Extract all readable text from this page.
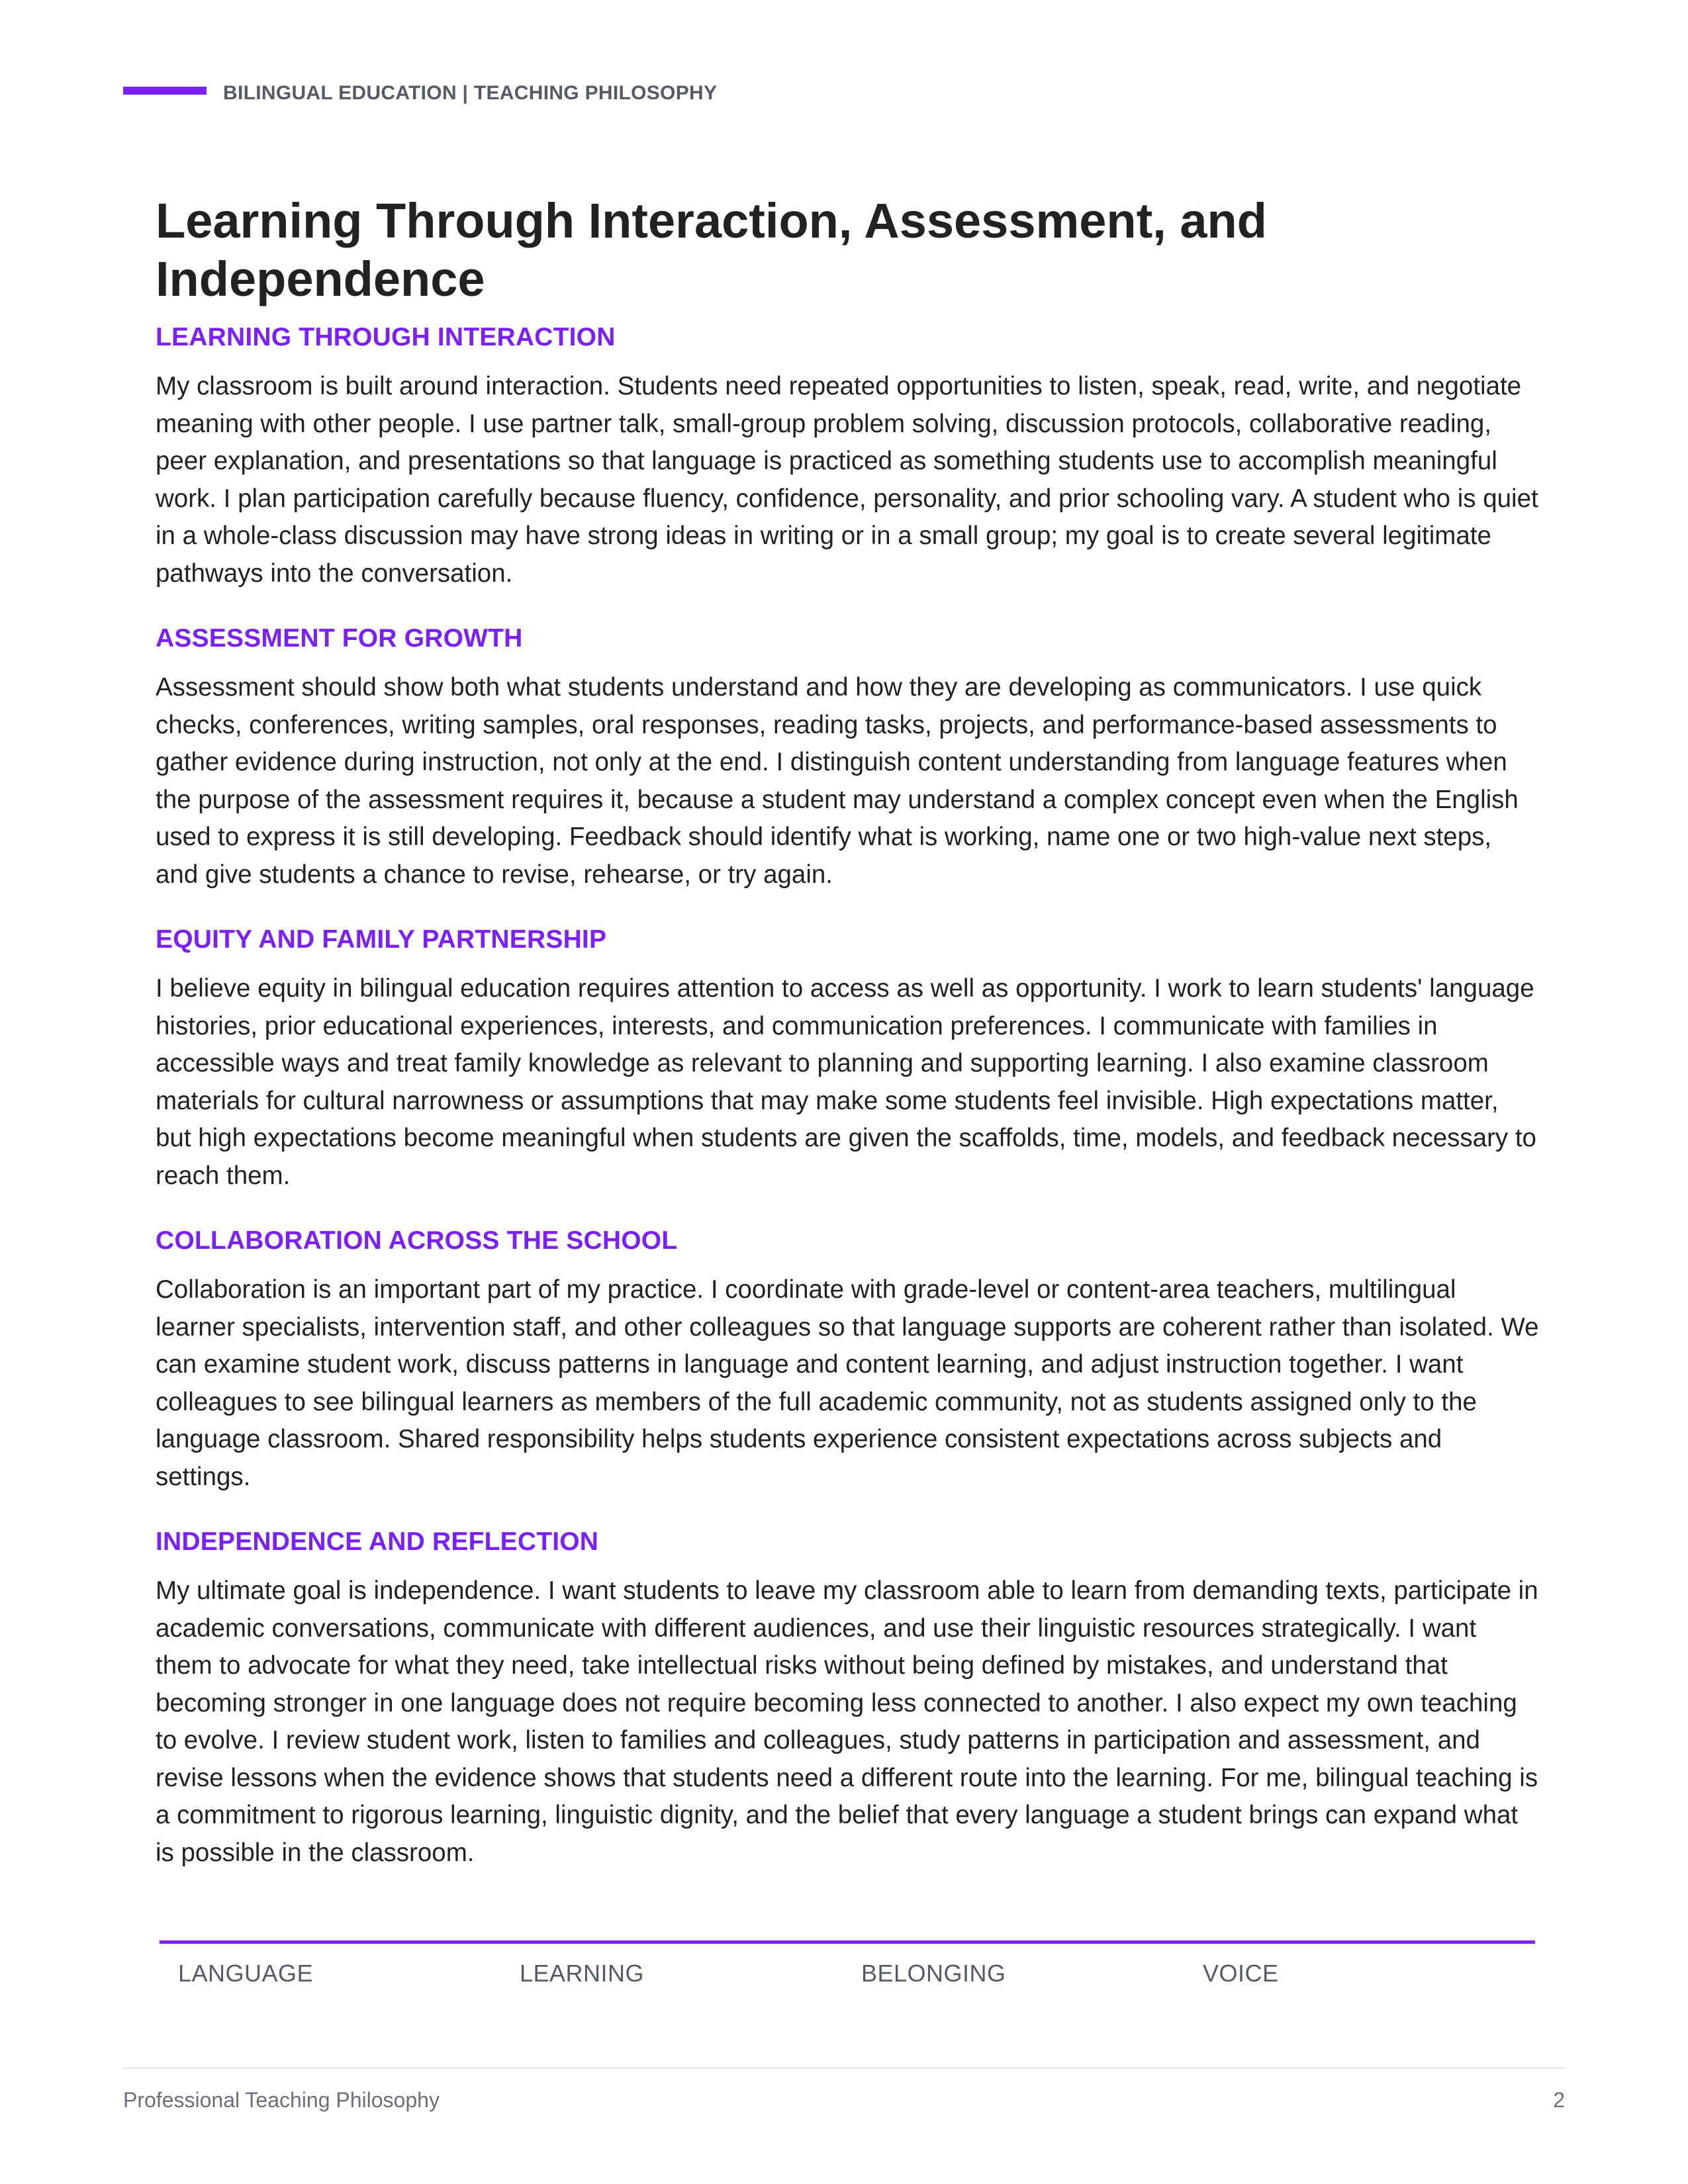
BILINGUAL EDUCATION | TEACHING PHILOSOPHY
Learning Through Interaction, Assessment, and Independence
LEARNING THROUGH INTERACTION

My classroom is built around interaction. Students need repeated opportunities to listen, speak, read, write, and negotiate meaning with other people. I use partner talk, small-group problem solving, discussion protocols, collaborative reading, peer explanation, and presentations so that language is practiced as something students use to accomplish meaningful work. I plan participation carefully because fluency, confidence, personality, and prior schooling vary. A student who is quiet in a whole-class discussion may have strong ideas in writing or in a small group; my goal is to create several legitimate pathways into the conversation.

ASSESSMENT FOR GROWTH

Assessment should show both what students understand and how they are developing as communicators. I use quick checks, conferences, writing samples, oral responses, reading tasks, projects, and performance-based assessments to gather evidence during instruction, not only at the end. I distinguish content understanding from language features when the purpose of the assessment requires it, because a student may understand a complex concept even when the English used to express it is still developing. Feedback should identify what is working, name one or two high-value next steps, and give students a chance to revise, rehearse, or try again.

EQUITY AND FAMILY PARTNERSHIP

I believe equity in bilingual education requires attention to access as well as opportunity. I work to learn students' language histories, prior educational experiences, interests, and communication preferences. I communicate with families in accessible ways and treat family knowledge as relevant to planning and supporting learning. I also examine classroom materials for cultural narrowness or assumptions that may make some students feel invisible. High expectations matter, but high expectations become meaningful when students are given the scaffolds, time, models, and feedback necessary to reach them.

COLLABORATION ACROSS THE SCHOOL

Collaboration is an important part of my practice. I coordinate with grade-level or content-area teachers, multilingual learner specialists, intervention staff, and other colleagues so that language supports are coherent rather than isolated. We can examine student work, discuss patterns in language and content learning, and adjust instruction together. I want colleagues to see bilingual learners as members of the full academic community, not as students assigned only to the language classroom. Shared responsibility helps students experience consistent expectations across subjects and settings.

INDEPENDENCE AND REFLECTION

My ultimate goal is independence. I want students to leave my classroom able to learn from demanding texts, participate in academic conversations, communicate with different audiences, and use their linguistic resources strategically. I want them to advocate for what they need, take intellectual risks without being defined by mistakes, and understand that becoming stronger in one language does not require becoming less connected to another. I also expect my own teaching to evolve. I review student work, listen to families and colleagues, study patterns in participation and assessment, and revise lessons when the evidence shows that students need a different route into the learning. For me, bilingual teaching is a commitment to rigorous learning, linguistic dignity, and the belief that every language a student brings can expand what is possible in the classroom.

LANGUAGE	LEARNING	BELONGING	VOICE
Professional Teaching Philosophy	2
